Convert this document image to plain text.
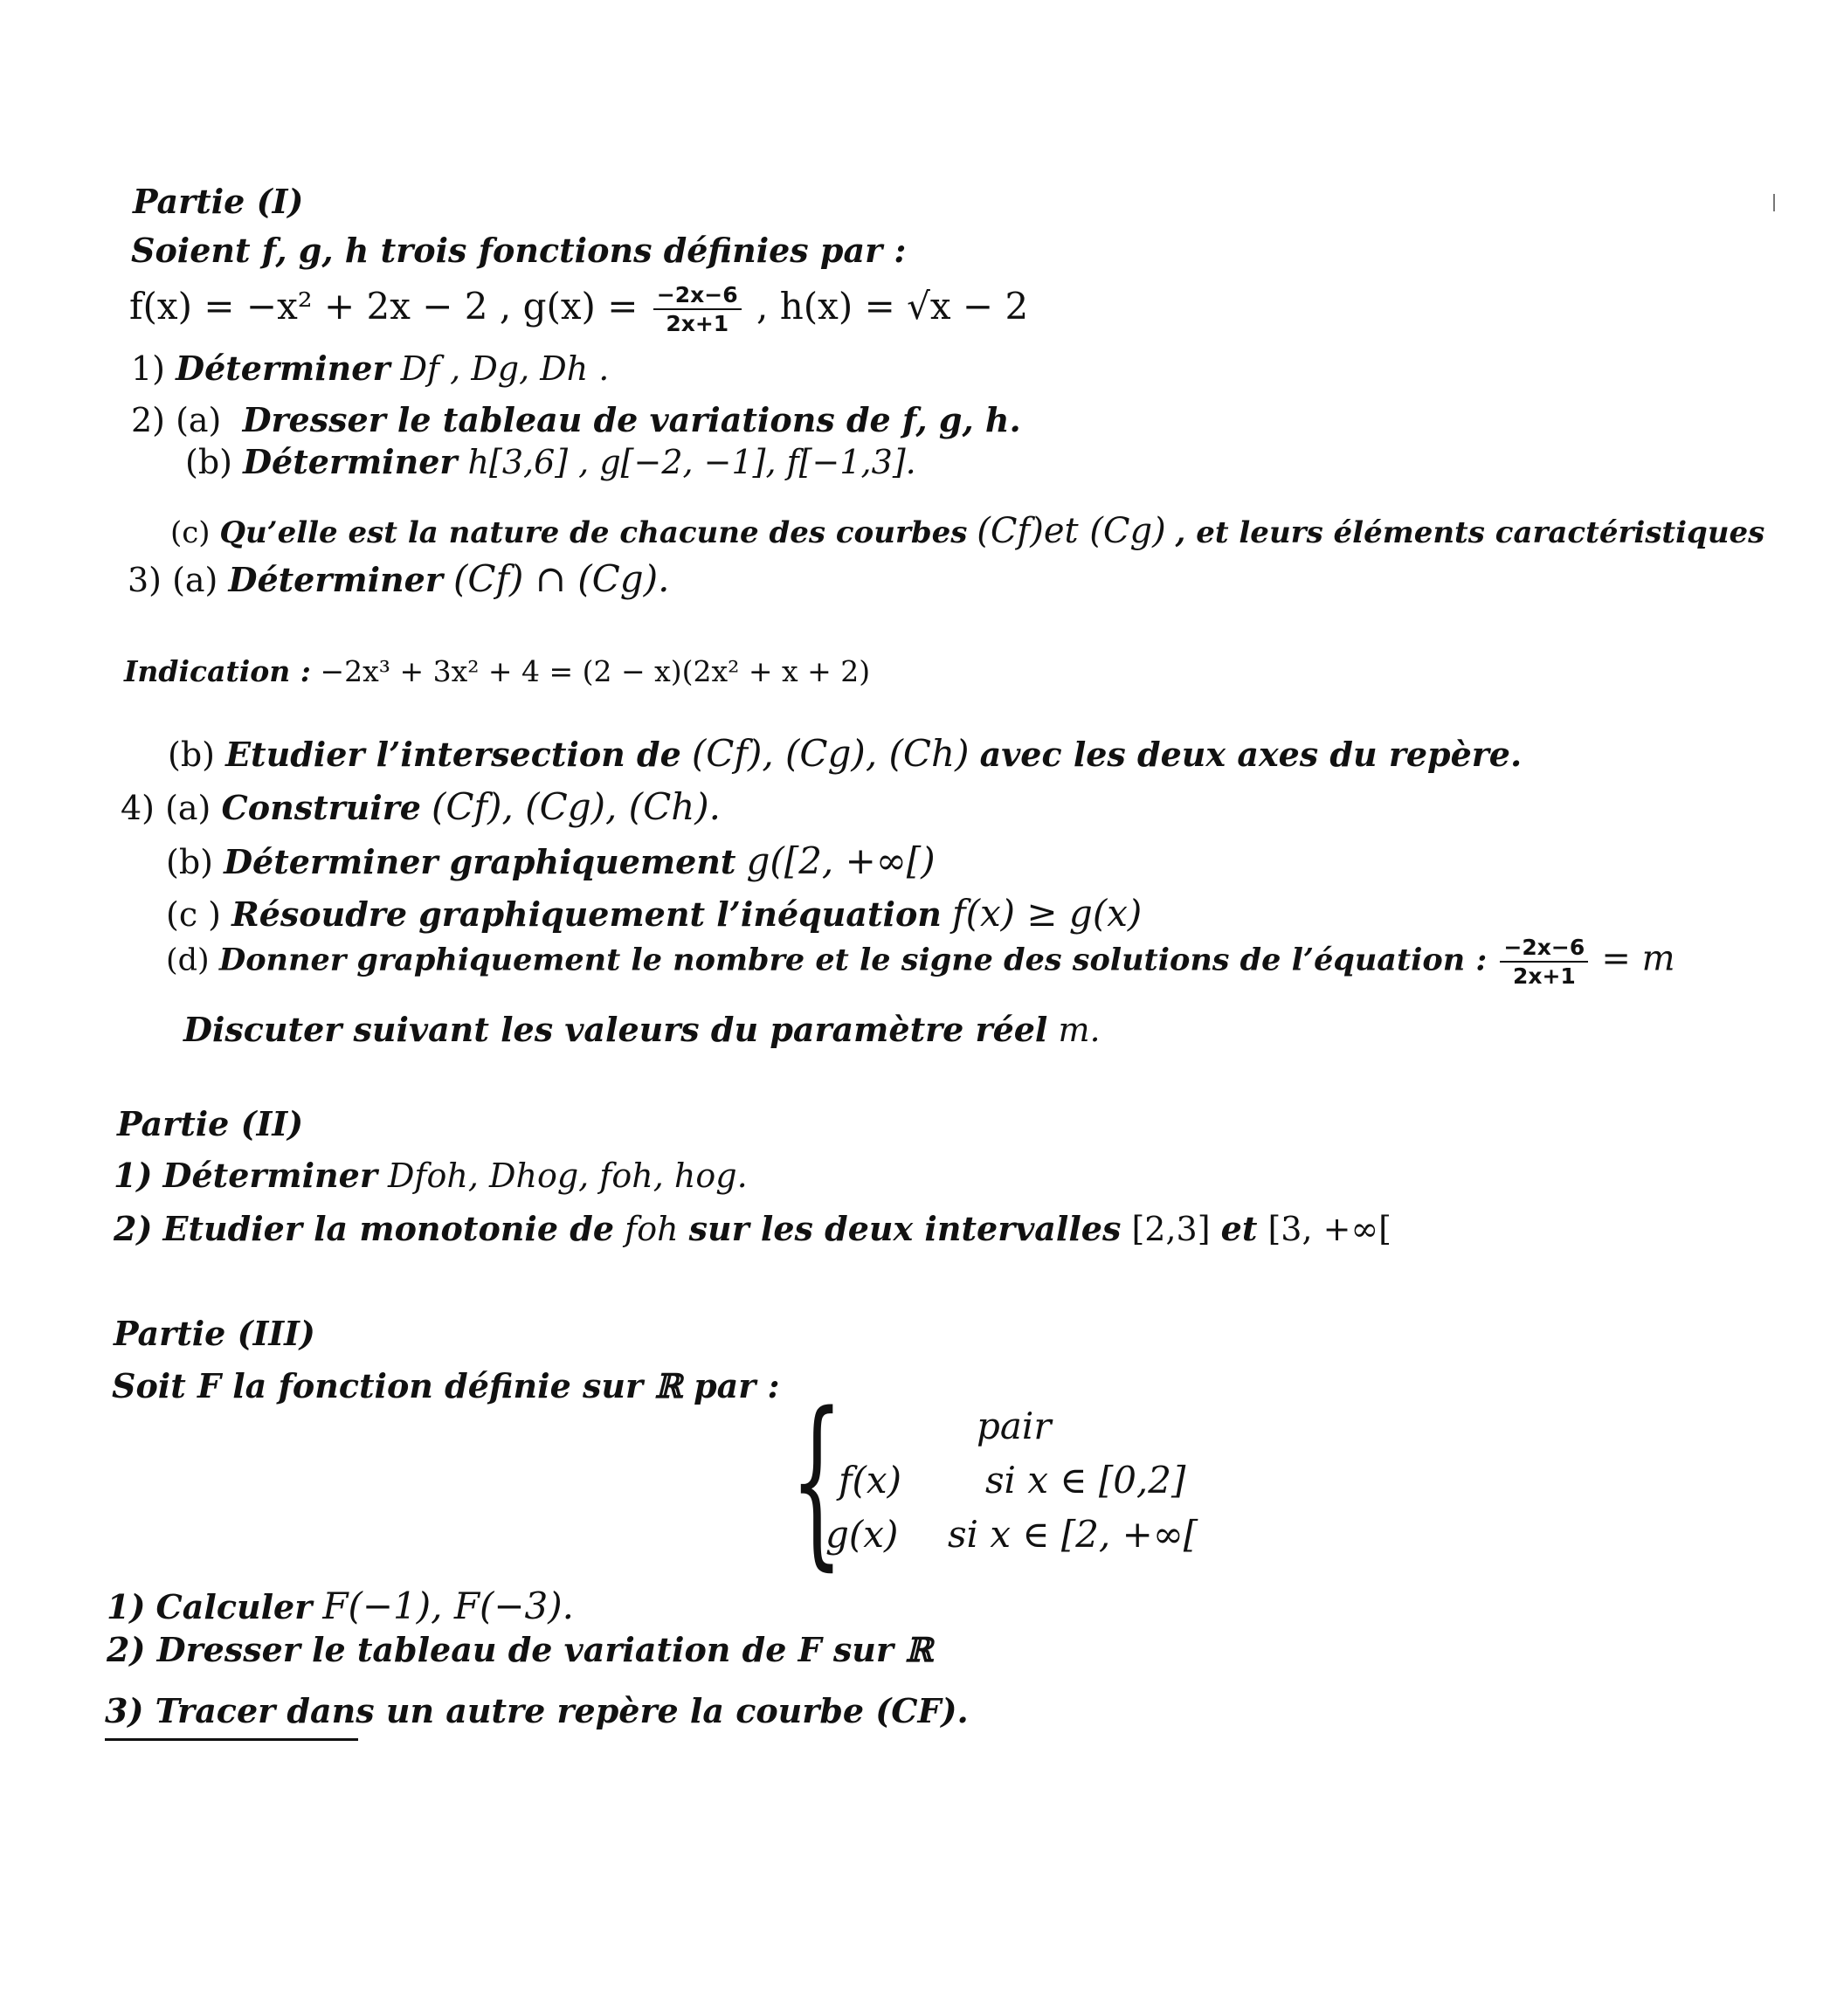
Partie (I)
Soient f, g, h trois fonctions définies par :
f(x) = −x² + 2x − 2 , $g(x) = \frac{-2x-6}{2x+1}$ , h(x) = √x − 2
1) Déterminer Df , Dg, Dh .
2) (a) Dresser le tableau de variations de f, g, h.
(b) Déterminer h[3,6] , g[−2, −1], f[−1,3].
(c) Qu’elle est la nature de chacune des courbes (Cf)et (Cg) , et leurs éléments caractéristiques
3) (a) Déterminer (Cf) ∩ (Cg).
Indication : −2x³ + 3x² + 4 = (2 − x)(2x² + x + 2)
(b) Etudier l’intersection de (Cf), (Cg), (Ch) avec les deux axes du repère.
4) (a) Construire (Cf), (Cg), (Ch).
(b) Déterminer graphiquement g([2, +∞[)
(c ) Résoudre graphiquement l’inéquation f(x) ≥ g(x)
(d) Donner graphiquement le nombre et le signe des solutions de l’équation : $\frac{-2x-6}{2x+1} = m$
Discuter suivant les valeurs du paramètre réel m.
Partie (II)
1) Déterminer Dfoh, Dhog, foh, hog.
2) Etudier la monotonie de foh sur les deux intervalles [2,3] et [3, +∞[
Partie (III)
Soit F la fonction définie sur ℝ par : {	pair
f(x) si x ∈ [0,2]
g(x) si x ∈ [2, +∞[
1) Calculer F(−1), F(−3).
2) Dresser le tableau de variation de F sur ℝ
3) Tracer dans un autre repère la courbe (CF).
